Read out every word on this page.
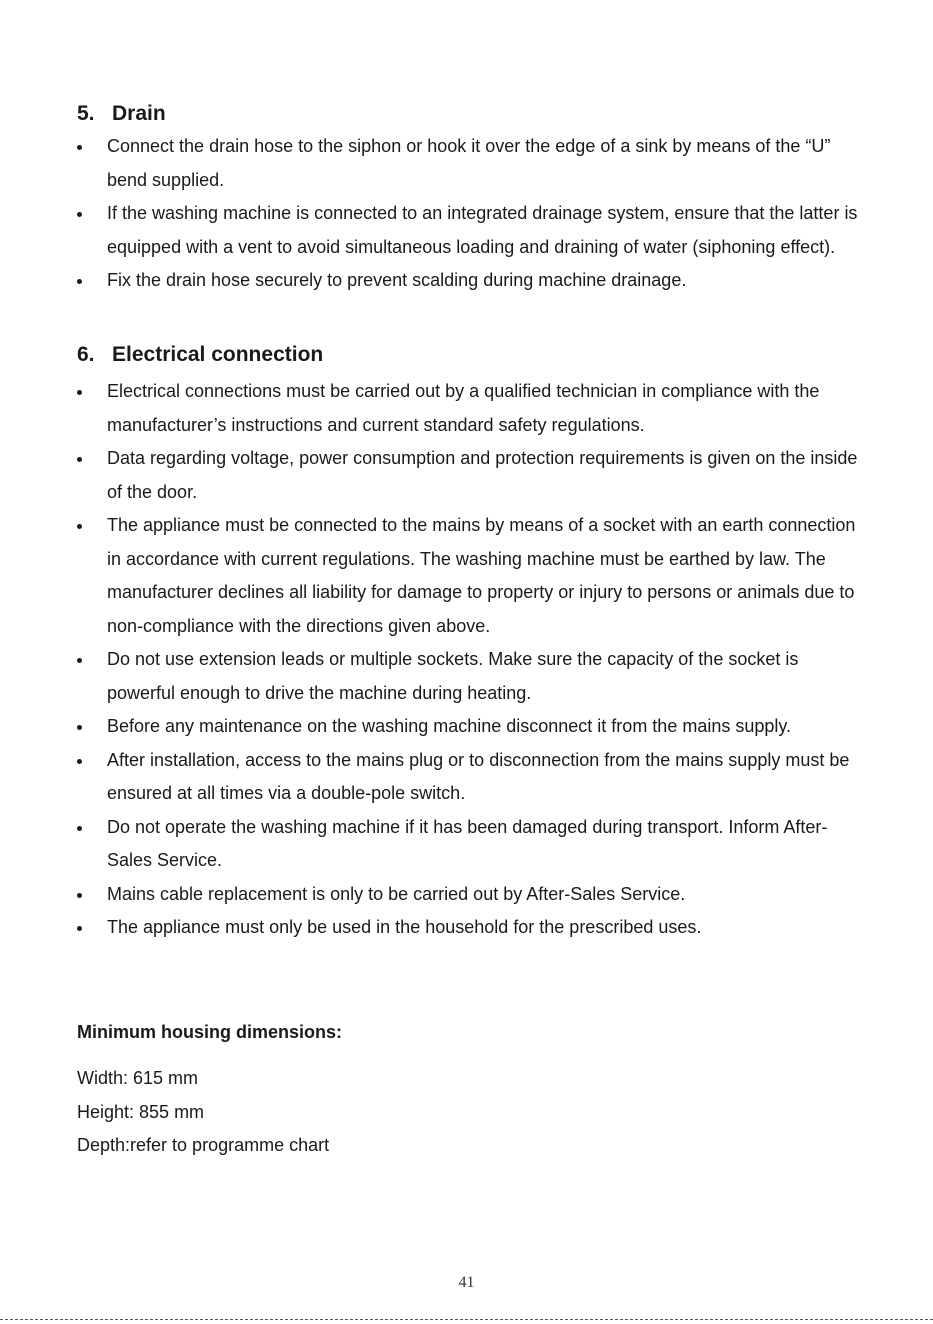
5. Drain
Connect the drain hose to the siphon or hook it over the edge of a sink by means of the “U” bend supplied.
If the washing machine is connected to an integrated drainage system, ensure that the latter is equipped with a vent to avoid simultaneous loading and draining of water (siphoning effect).
Fix the drain hose securely to prevent scalding during machine drainage.
6. Electrical connection
Electrical connections must be carried out by a qualified technician in compliance with the manufacturer’s instructions and current standard safety regulations.
Data regarding voltage, power consumption and protection requirements is given on the inside of the door.
The appliance must be connected to the mains by means of a socket with an earth connection in accordance with current regulations. The washing machine must be earthed by law. The manufacturer declines all liability for damage to property or injury to persons or animals due to non-compliance with the directions given above.
Do not use extension leads or multiple sockets. Make sure the capacity of the socket is powerful enough to drive the machine during heating.
Before any maintenance on the washing machine disconnect it from the mains supply.
After installation, access to the mains plug or to disconnection from the mains supply must be ensured at all times via a double-pole switch.
Do not operate the washing machine if it has been damaged during transport. Inform After-Sales Service.
Mains cable replacement is only to be carried out by After-Sales Service.
The appliance must only be used in the household for the prescribed uses.
Minimum housing dimensions:
Width: 615 mm
Height: 855 mm
Depth:refer to programme chart
41
